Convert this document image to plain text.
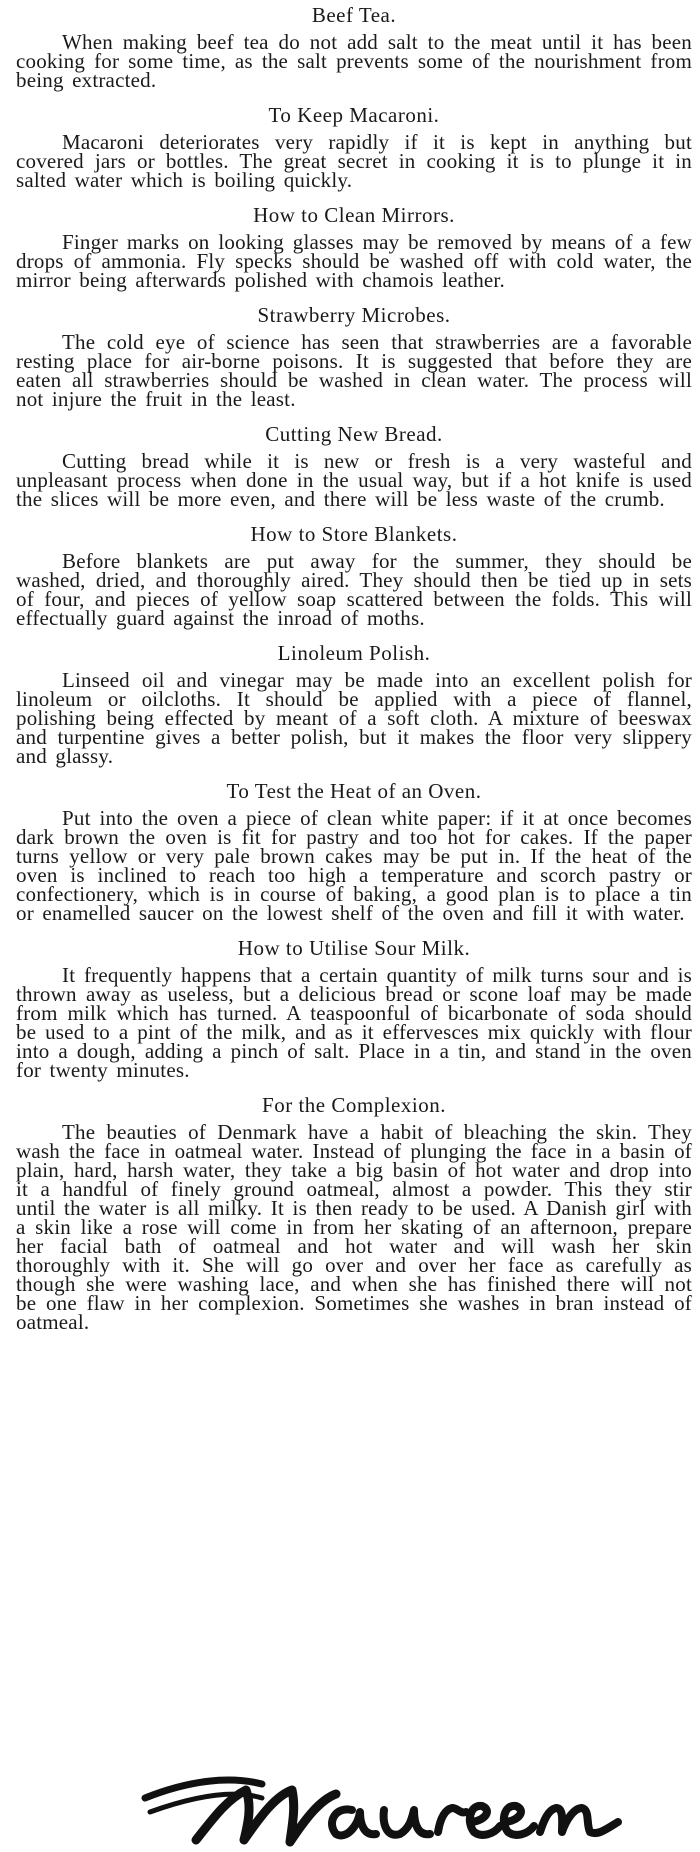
Beef Tea.

When making beef tea do not add salt to the meat until it has been cooking for some time, as the salt prevents some of the nourishment from being extracted.

To Keep Macaroni.

Macaroni deteriorates very rapidly if it is kept in anything but covered jars or bottles. The great secret in cooking it is to plunge it in salted water which is boiling quickly.

How to Clean Mirrors.

Finger marks on looking glasses may be removed by means of a few drops of ammonia. Fly specks should be washed off with cold water, the mirror being afterwards polished with chamois leather.

Strawberry Microbes.

The cold eye of science has seen that strawberries are a favorable resting place for air-borne poisons. It is suggested that before they are eaten all strawberries should be washed in clean water. The process will not injure the fruit in the least.

Cutting New Bread.

Cutting bread while it is new or fresh is a very wasteful and unpleasant process when done in the usual way, but if a hot knife is used the slices will be more even, and there will be less waste of the crumb.

How to Store Blankets.

Before blankets are put away for the summer, they should be washed, dried, and thoroughly aired. They should then be tied up in sets of four, and pieces of yellow soap scattered between the folds. This will effectually guard against the inroad of moths.

Linoleum Polish.

Linseed oil and vinegar may be made into an excellent polish for linoleum or oilcloths. It should be applied with a piece of flannel, polishing being effected by meant of a soft cloth. A mixture of beeswax and turpentine gives a better polish, but it makes the floor very slippery and glassy.

To Test the Heat of an Oven.

Put into the oven a piece of clean white paper: if it at once becomes dark brown the oven is fit for pastry and too hot for cakes. If the paper turns yellow or very pale brown cakes may be put in. If the heat of the oven is inclined to reach too high a temperature and scorch pastry or confectionery, which is in course of baking, a good plan is to place a tin or enamelled saucer on the lowest shelf of the oven and fill it with water.

How to Utilise Sour Milk.

It frequently happens that a certain quantity of milk turns sour and is thrown away as useless, but a delicious bread or scone loaf may be made from milk which has turned. A teaspoonful of bicarbonate of soda should be used to a pint of the milk, and as it effervesces mix quickly with flour into a dough, adding a pinch of salt. Place in a tin, and stand in the oven for twenty minutes.

For the Complexion.

The beauties of Denmark have a habit of bleaching the skin. They wash the face in oatmeal water. Instead of plunging the face in a basin of plain, hard, harsh water, they take a big basin of hot water and drop into it a handful of finely ground oatmeal, almost a powder. This they stir until the water is all milky. It is then ready to be used. A Danish girl with a skin like a rose will come in from her skating of an afternoon, prepare her facial bath of oatmeal and hot water and will wash her skin thoroughly with it. She will go over and over her face as carefully as though she were washing lace, and when she has finished there will not be one flaw in her complexion. Sometimes she washes in bran instead of oatmeal.
